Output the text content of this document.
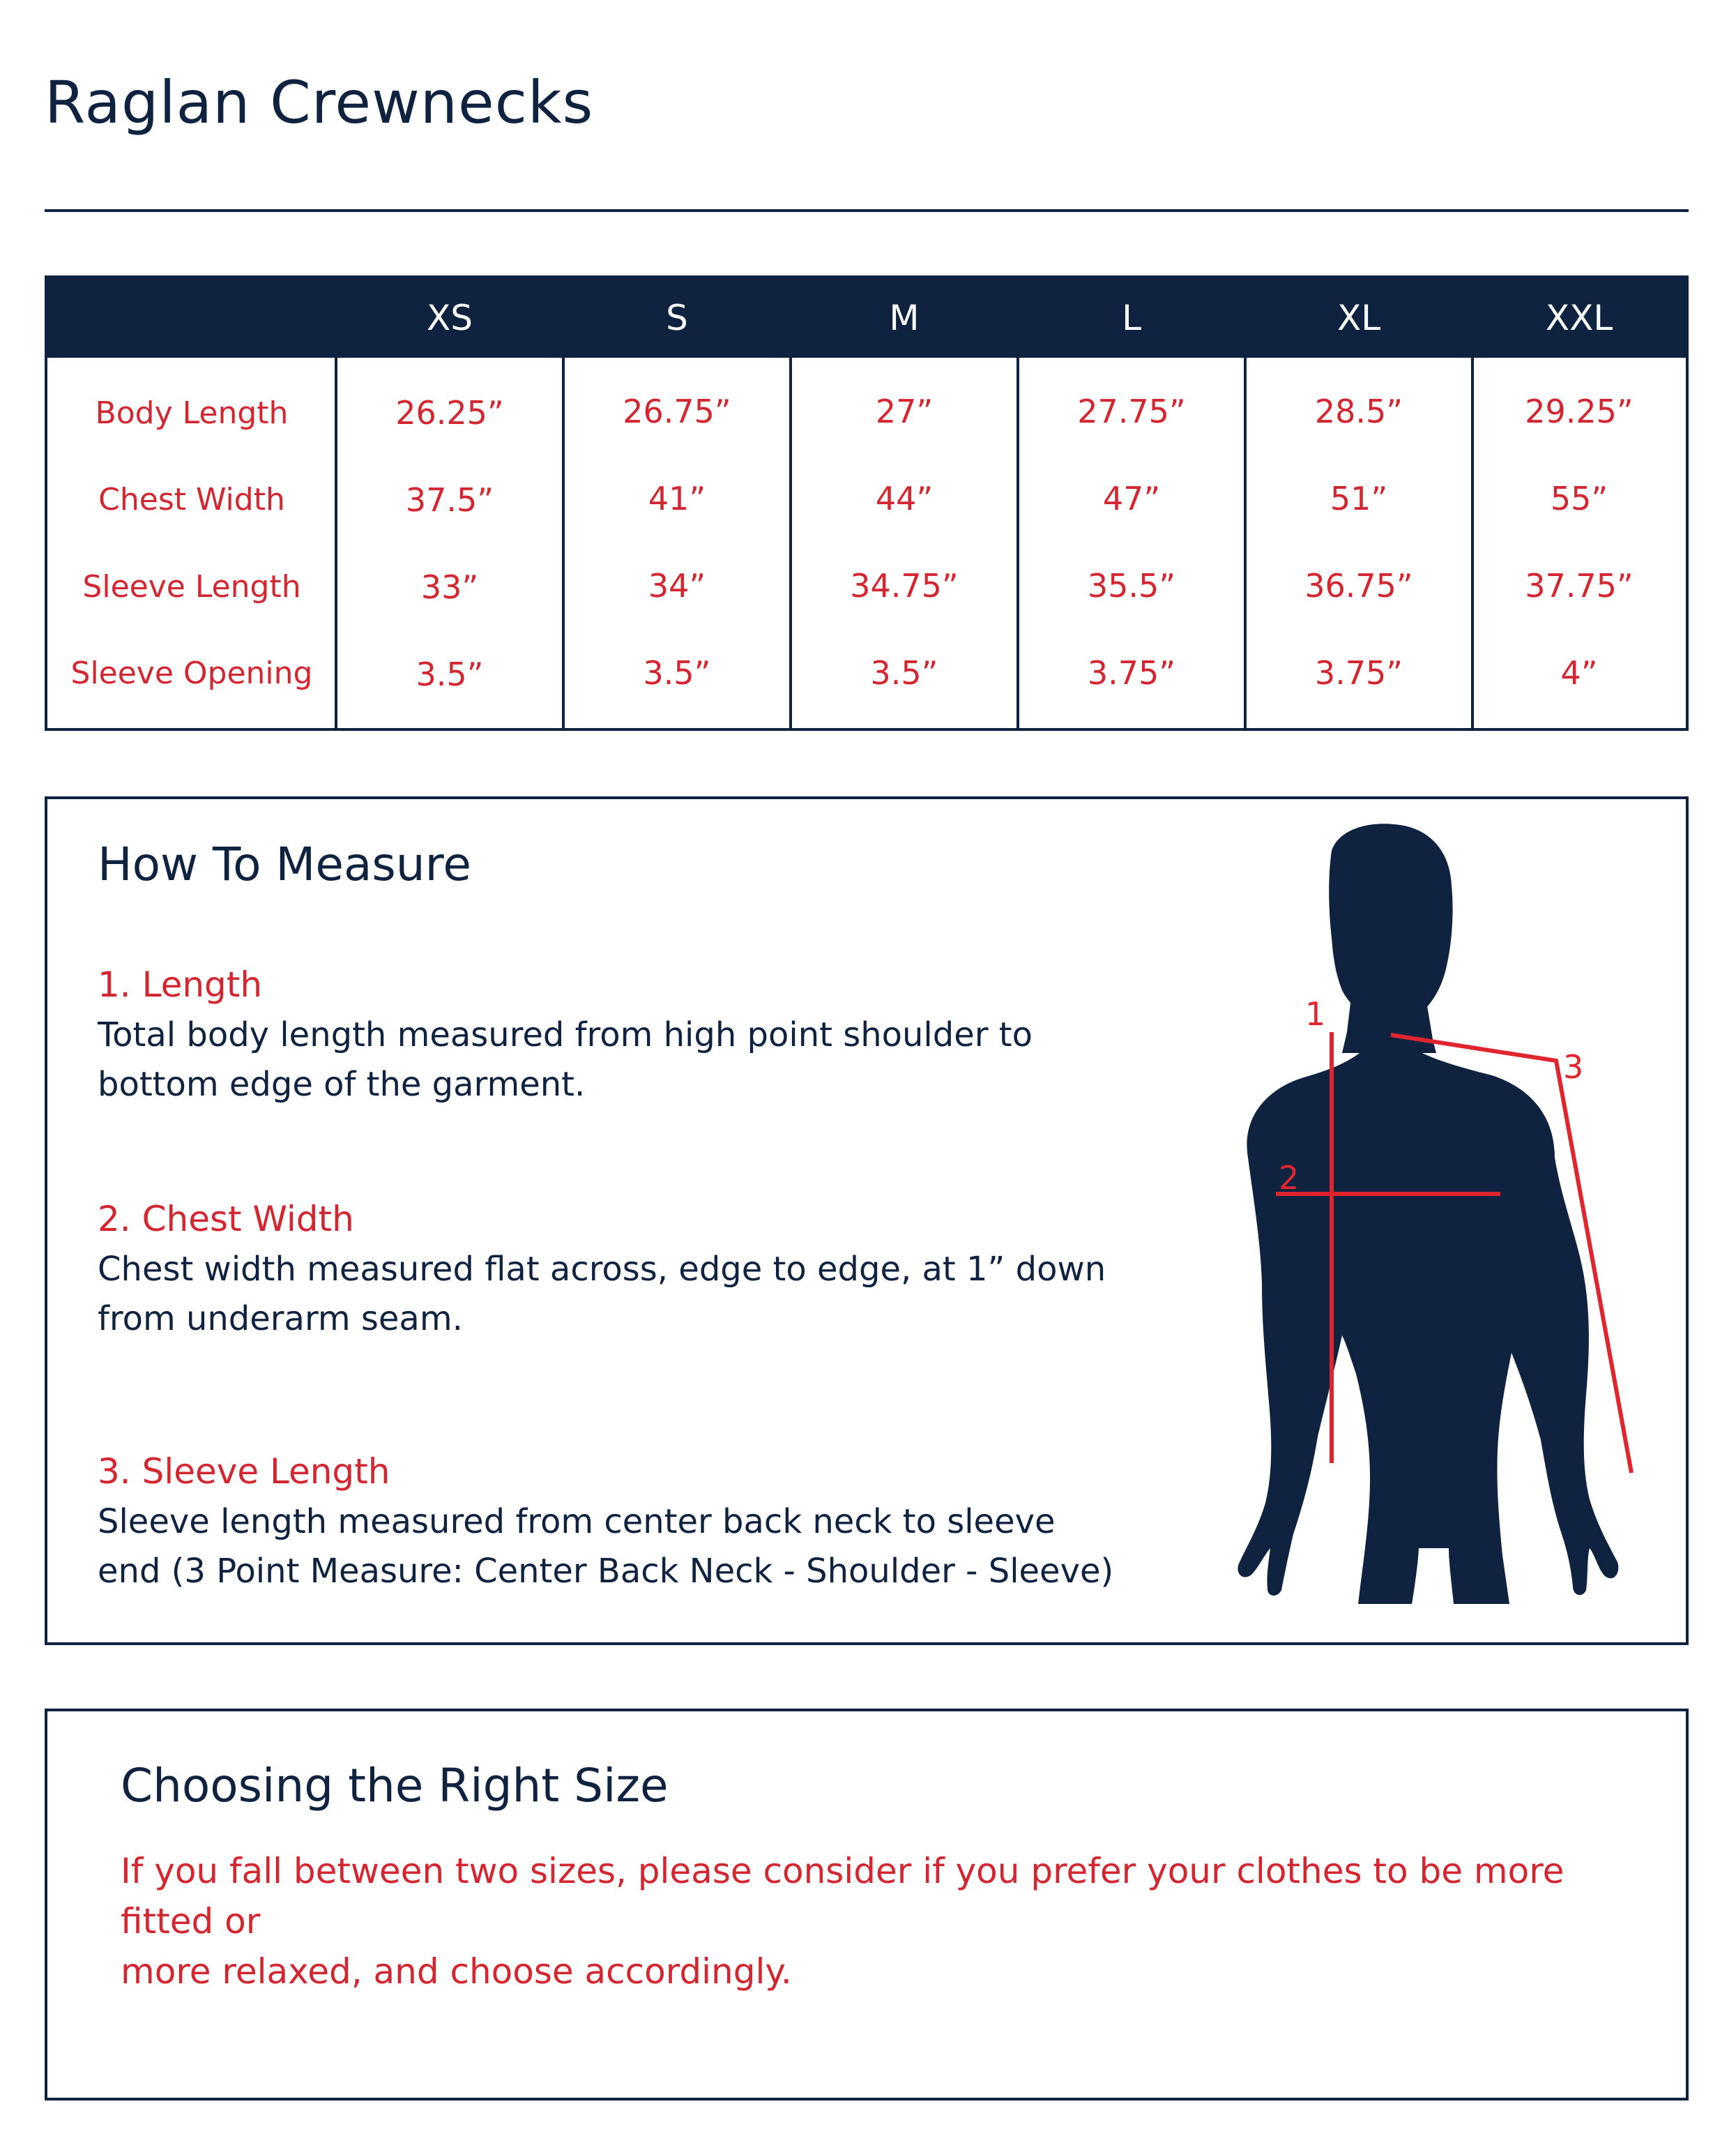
Raglan Crewnecks
XS	S	M	L	XL	XXL
Body Length	26.25”	26.75”	27”	27.75”	28.5”	29.25”
Chest Width	37.5”	41”	44”	47”	51”	55”
Sleeve Length	33”	34”	34.75”	35.5”	36.75”	37.75”
Sleeve Opening	3.5”	3.5”	3.5”	3.75”	3.75”	4”
How To Measure
1. Length
Total body length measured from high point shoulder to
bottom edge of the garment.
2. Chest Width
Chest width measured flat across, edge to edge, at 1” down
from underarm seam.
3. Sleeve Length
Sleeve length measured from center back neck to sleeve
end (3 Point Measure: Center Back Neck - Shoulder - Sleeve)
1
2
3
Choosing the Right Size
If you fall between two sizes, please consider if you prefer your clothes to be more fitted or
more relaxed, and choose accordingly.
